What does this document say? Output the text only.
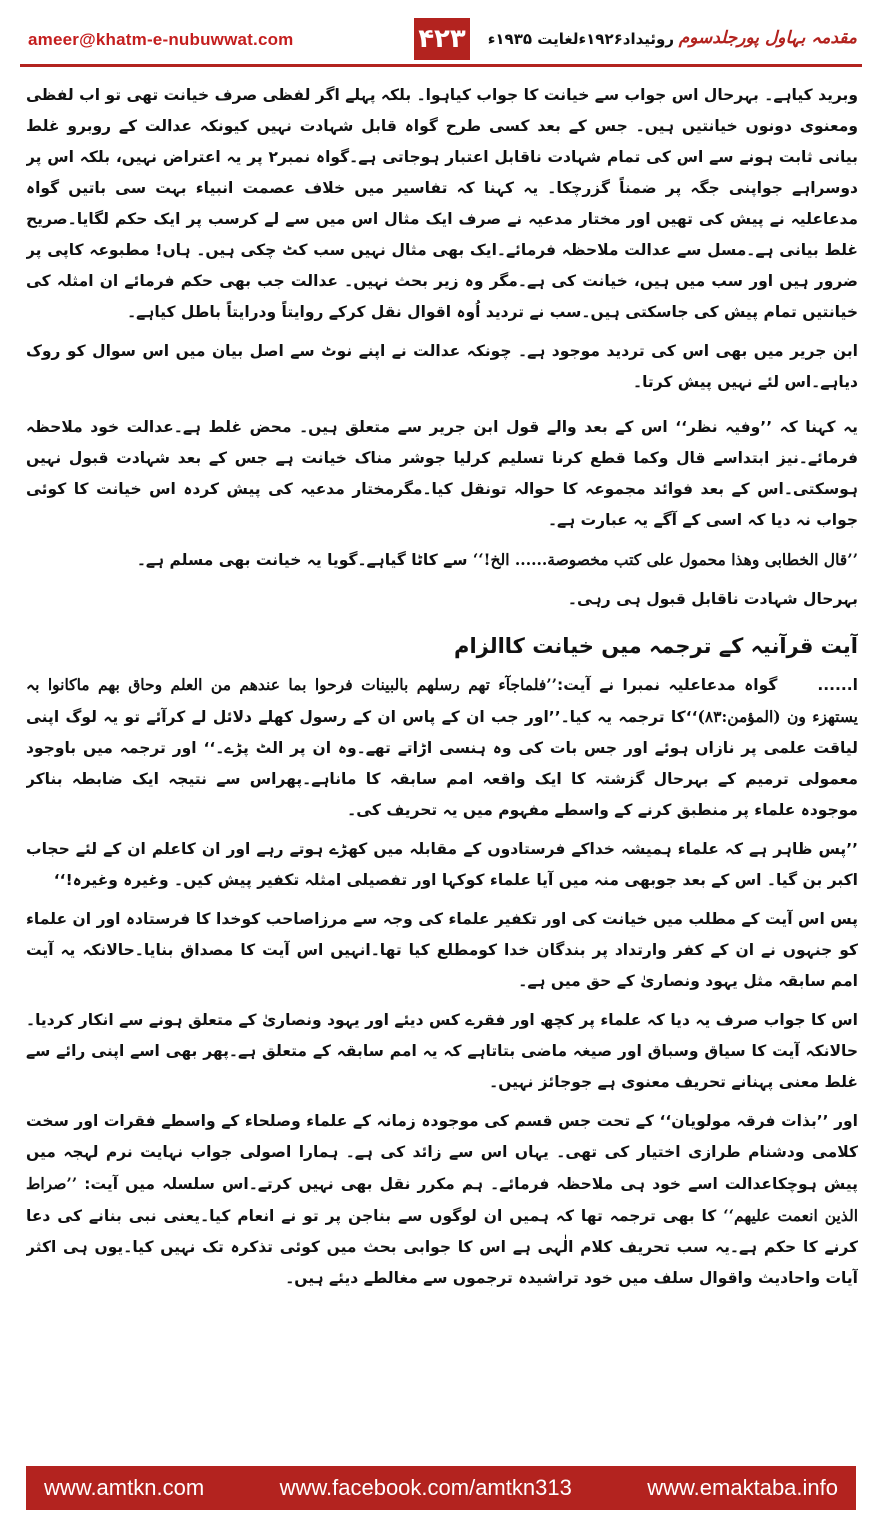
ameer@khatm-e-nubuwwat.com	۴۲۳ روئیداد۱۹۲۶ءلغایت ۱۹۳۵ء مقدمہ بہاول پورجلدسوم

وبرید کیاہے۔ بہرحال اس جواب سے خیانت کا جواب کیاہوا۔ بلکہ پہلے اگر لفظی صرف خیانت تھی تو اب لفظی ومعنوی دونوں خیانتیں ہیں۔ جس کے بعد کسی طرح گواہ قابل شہادت نہیں کیونکہ عدالت کے روبرو غلط بیانی ثابت ہونے سے اس کی تمام شہادت ناقابل اعتبار ہوجاتی ہے۔گواہ نمبر۲ پر یہ اعتراض نہیں، بلکہ اس پر دوسراہے جواپنی جگہ پر ضمناً گزرچکا۔ یہ کہنا کہ تفاسیر میں خلاف عصمت انبیاء بہت سی باتیں گواہ مدعاعلیہ نے پیش کی تھیں اور مختار مدعیہ نے صرف ایک مثال اس میں سے لے کرسب پر ایک حکم لگایا۔صریح غلط بیانی ہے۔مسل سے عدالت ملاحظہ فرمائے۔ایک بھی مثال نہیں سب کٹ چکی ہیں۔ ہاں! مطبوعہ کاپی پر ضرور ہیں اور سب میں ہیں، خیانت کی ہے۔مگر وہ زیر بحث نہیں۔ عدالت جب بھی حکم فرمائے ان امثلہ کی خیانتیں تمام پیش کی جاسکتی ہیں۔سب نے تردید اُوہ اقوال نقل کرکے روایتاً ودرایتاً باطل کیاہے۔

ابن جریر میں بھی اس کی تردید موجود ہے۔ چونکہ عدالت نے اپنے نوٹ سے اصل بیان میں اس سوال کو روک دیاہے۔اس لئے نہیں پیش کرتا۔

یہ کہنا کہ ’’وفیہ نظر‘‘ اس کے بعد والے قول ابن جریر سے متعلق ہیں۔ محض غلط ہے۔عدالت خود ملاحظہ فرمائے۔نیز ابتداسے قال وکما قطع کرنا تسلیم کرلیا جوشر مناک خیانت ہے جس کے بعد شہادت قبول نہیں ہوسکتی۔اس کے بعد فوائد مجموعہ کا حوالہ تونقل کیا۔مگرمختار مدعیہ کی پیش کردہ اس خیانت کا کوئی جواب نہ دیا کہ اسی کے آگے یہ عبارت ہے۔

’’قال الخطابی وھذا محمول علی کتب مخصوصة...... الخ!‘‘ سے کاٹا گیاہے۔گویا یہ خیانت بھی مسلم ہے۔

بہرحال شہادت ناقابل قبول ہی رہی۔

آیت قرآنیہ کے ترجمہ میں خیانت کاالزام

ا......گواہ مدعاعلیہ نمبرا نے آیت:’’فلماجآء تھم رسلھم بالبینات فرحوا بما عندھم من العلم وحاق بھم ماکانوا بہ یستھزء ون (المؤمن:۸۳)‘‘کا ترجمہ یہ کیا۔’’اور جب ان کے پاس ان کے رسول کھلے دلائل لے کرآئے تو یہ لوگ اپنی لیاقت علمی پر نازاں ہوئے اور جس بات کی وہ ہنسی اڑاتے تھے۔وہ ان پر الٹ پڑے۔‘‘ اور ترجمہ میں باوجود معمولی ترمیم کے بہرحال گزشتہ کا ایک واقعہ امم سابقہ کا ماناہے۔پھراس سے نتیجہ ایک ضابطہ بناکر موجودہ علماء پر منطبق کرنے کے واسطے مفہوم میں یہ تحریف کی۔

’’پس ظاہر ہے کہ علماء ہمیشہ خداکے فرستادوں کے مقابلہ میں کھڑے ہوتے رہے اور ان کاعلم ان کے لئے حجاب اکبر بن گیا۔ اس کے بعد جوبھی منہ میں آیا علماء کوکہا اور تفصیلی امثلہ تکفیر پیش کیں۔ وغیرہ وغیرہ!‘‘

پس اس آیت کے مطلب میں خیانت کی اور تکفیر علماء کی وجہ سے مرزاصاحب کوخدا کا فرستادہ اور ان علماء کو جنہوں نے ان کے کفر وارتداد پر بندگان خدا کومطلع کیا تھا۔انہیں اس آیت کا مصداق بنایا۔حالانکہ یہ آیت امم سابقہ مثل یہود ونصاریٰ کے حق میں ہے۔

اس کا جواب صرف یہ دیا کہ علماء پر کچھ اور فقرے کس دیئے اور یہود ونصاریٰ کے متعلق ہونے سے انکار کردیا۔حالانکہ آیت کا سیاق وسباق اور صیغہ ماضی بتاتاہے کہ یہ امم سابقہ کے متعلق ہے۔پھر بھی اسے اپنی رائے سے غلط معنی پہنانے تحریف معنوی ہے جوجائز نہیں۔

اور ’’بذات فرقہ مولویان‘‘ کے تحت جس قسم کی موجودہ زمانہ کے علماء وصلحاء کے واسطے فقرات اور سخت کلامی ودشنام طرازی اختیار کی تھی۔ یہاں اس سے زائد کی ہے۔ ہمارا اصولی جواب نہایت نرم لہجہ میں پیش ہوچکاعدالت اسے خود ہی ملاحظہ فرمائے۔ ہم مکرر نقل بھی نہیں کرتے۔اس سلسلہ میں آیت: ’’صراط الذین انعمت علیھم‘‘ کا بھی ترجمہ تھا کہ ہمیں ان لوگوں سے بناجن پر تو نے انعام کیا۔یعنی نبی بنانے کی دعا کرنے کا حکم ہے۔یہ سب تحریف کلام الٰہی ہے اس کا جوابی بحث میں کوئی تذکرہ تک نہیں کیا۔یوں ہی اکثر آیات واحادیث واقوال سلف میں خود تراشیدہ ترجموں سے مغالطے دیئے ہیں۔

www.amtkn.com	www.facebook.com/amtkn313	www.emaktaba.info
